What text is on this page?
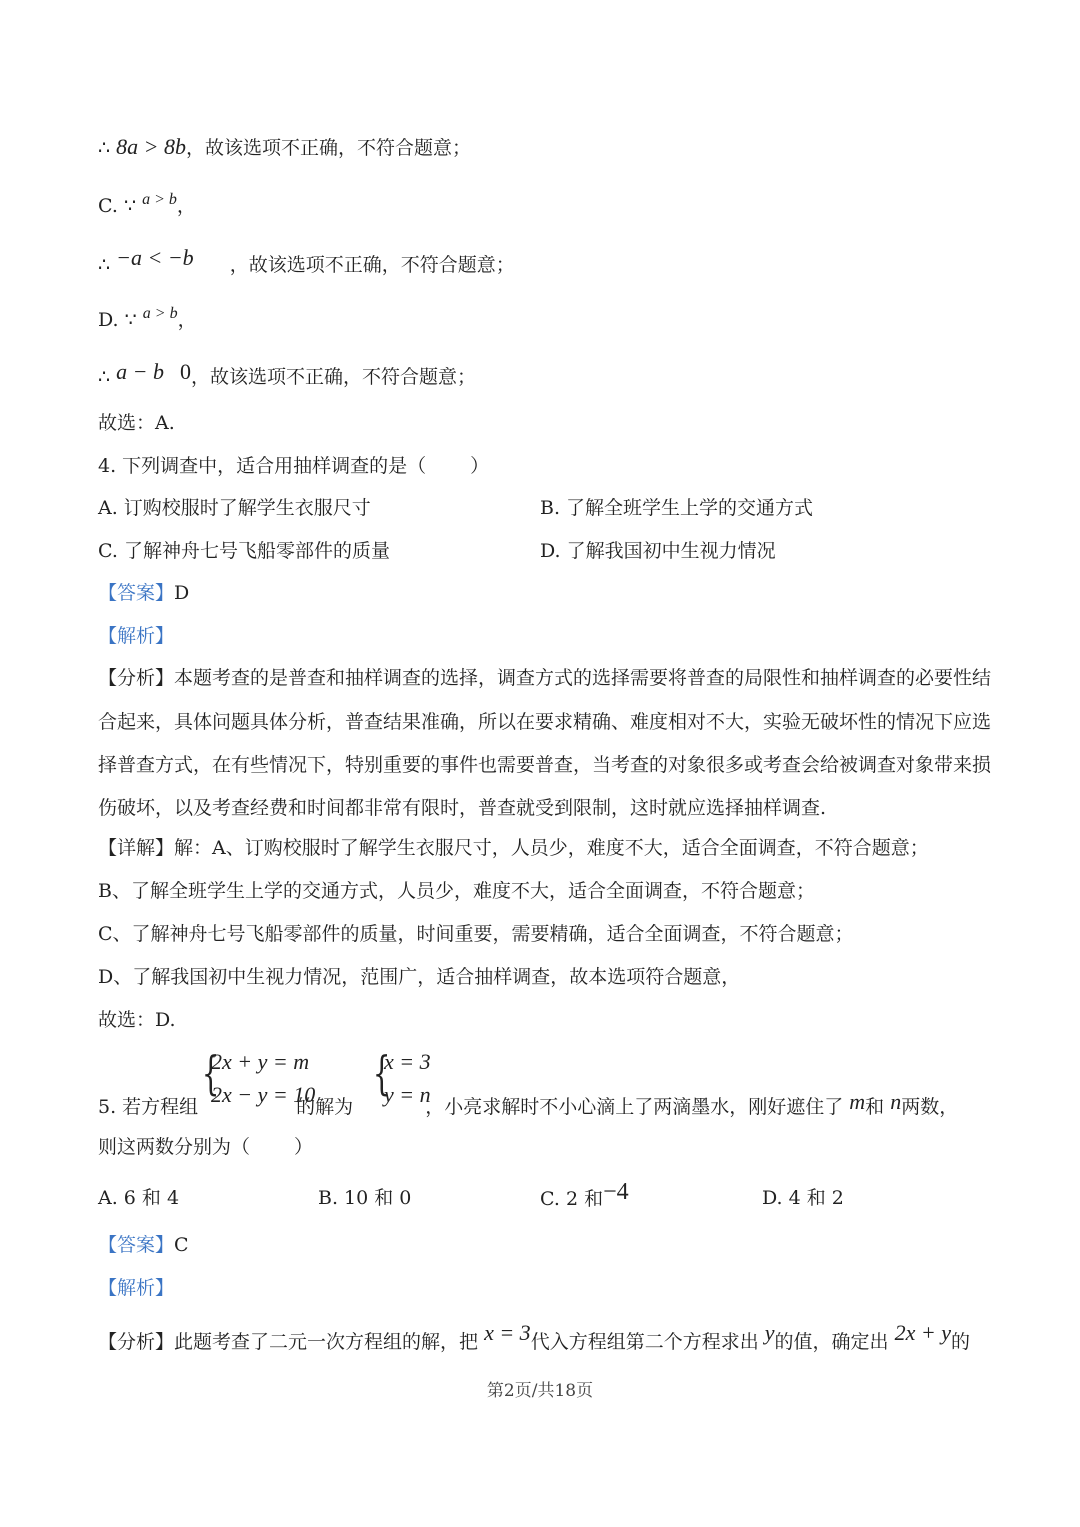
∴ 8a > 8b，故该选项不正确，不符合题意；
C. ∵ $^{a > b}$，
∴ −a < −b ，故该选项不正确，不符合题意；
D. ∵ $^{a > b}$，
∴ a − b 0，故该选项不正确，不符合题意；
故选：A.
4. 下列调查中，适合用抽样调查的是（ ）
A. 订购校服时了解学生衣服尺寸	B. 了解全班学生上学的交通方式
C. 了解神舟七号飞船零部件的质量	D. 了解我国初中生视力情况
【答案】D
【解析】
【分析】本题考查的是普查和抽样调查的选择，调查方式的选择需要将普查的局限性和抽样调查的必要性结
合起来，具体问题具体分析，普查结果准确，所以在要求精确、难度相对不大，实验无破坏性的情况下应选
择普查方式，在有些情况下，特别重要的事件也需要普查，当考查的对象很多或考查会给被调查对象带来损
伤破坏，以及考查经费和时间都非常有限时，普查就受到限制，这时就应选择抽样调查.
【详解】解：A、订购校服时了解学生衣服尺寸，人员少，难度不大，适合全面调查，不符合题意；
B、了解全班学生上学的交通方式，人员少，难度不大，适合全面调查，不符合题意；
C、了解神舟七号飞船零部件的质量，时间重要，需要精确，适合全面调查，不符合题意；
D、了解我国初中生视力情况，范围广，适合抽样调查，故本选项符合题意，
故选：D.
{
2x + y = m
2x − y = 10 {
x = 3
y = n
5. 若方程组	的解为	，小亮求解时不小心滴上了两滴墨水，刚好遮住了 m和 n两数，
则这两数分别为（ ）
A. 6 和 4	B. 10 和 0	C. 2 和−4	D. 4 和 2
【答案】C
【解析】
【分析】此题考查了二元一次方程组的解，把 x = 3代入方程组第二个方程求出 y的值，确定出 2x + y的
第2页/共18页
